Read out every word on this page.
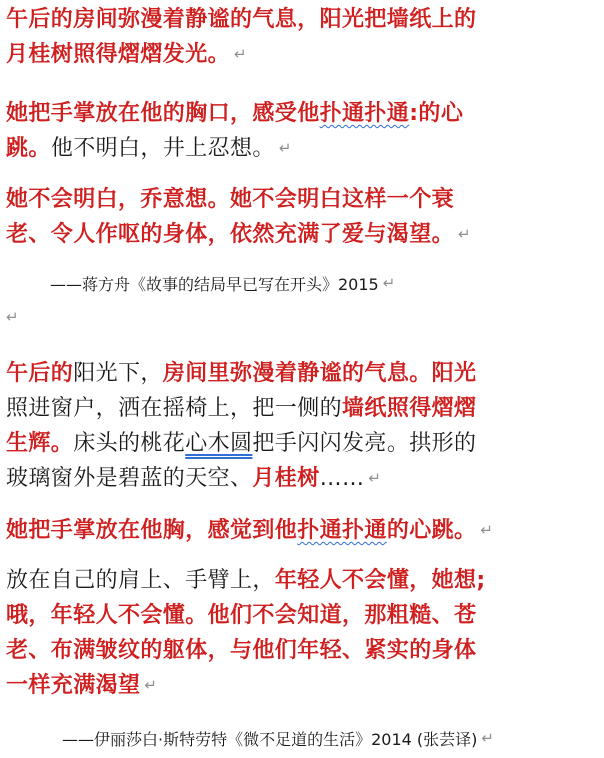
午后的房间弥漫着静谧的气息，阳光把墙纸上的
月桂树照得熠熠发光。 ↵
她把手掌放在他的胸口，感受他扑通扑通:的心
跳。他不明白，井上忍想。 ↵
她不会明白，乔意想。她不会明白这样一个衰
老、令人作呕的身体，依然充满了爱与渴望。 ↵
——蒋方舟《故事的结局早已写在开头》2015 ↵
↵
午后的阳光下，房间里弥漫着静谧的气息。阳光
照进窗户，洒在摇椅上，把一侧的墙纸照得熠熠
生辉。床头的桃花心木圆把手闪闪发亮。拱形的
玻璃窗外是碧蓝的天空、月桂树…… ↵
她把手掌放在他胸，感觉到他扑通扑通的心跳。 ↵
放在自己的肩上、手臂上，年轻人不会懂，她想;
哦，年轻人不会懂。他们不会知道，那粗糙、苍
老、布满皱纹的躯体，与他们年轻、紧实的身体
一样充满渴望 ↵
——伊丽莎白·斯特劳特《微不足道的生活》2014 (张芸译) ↵
